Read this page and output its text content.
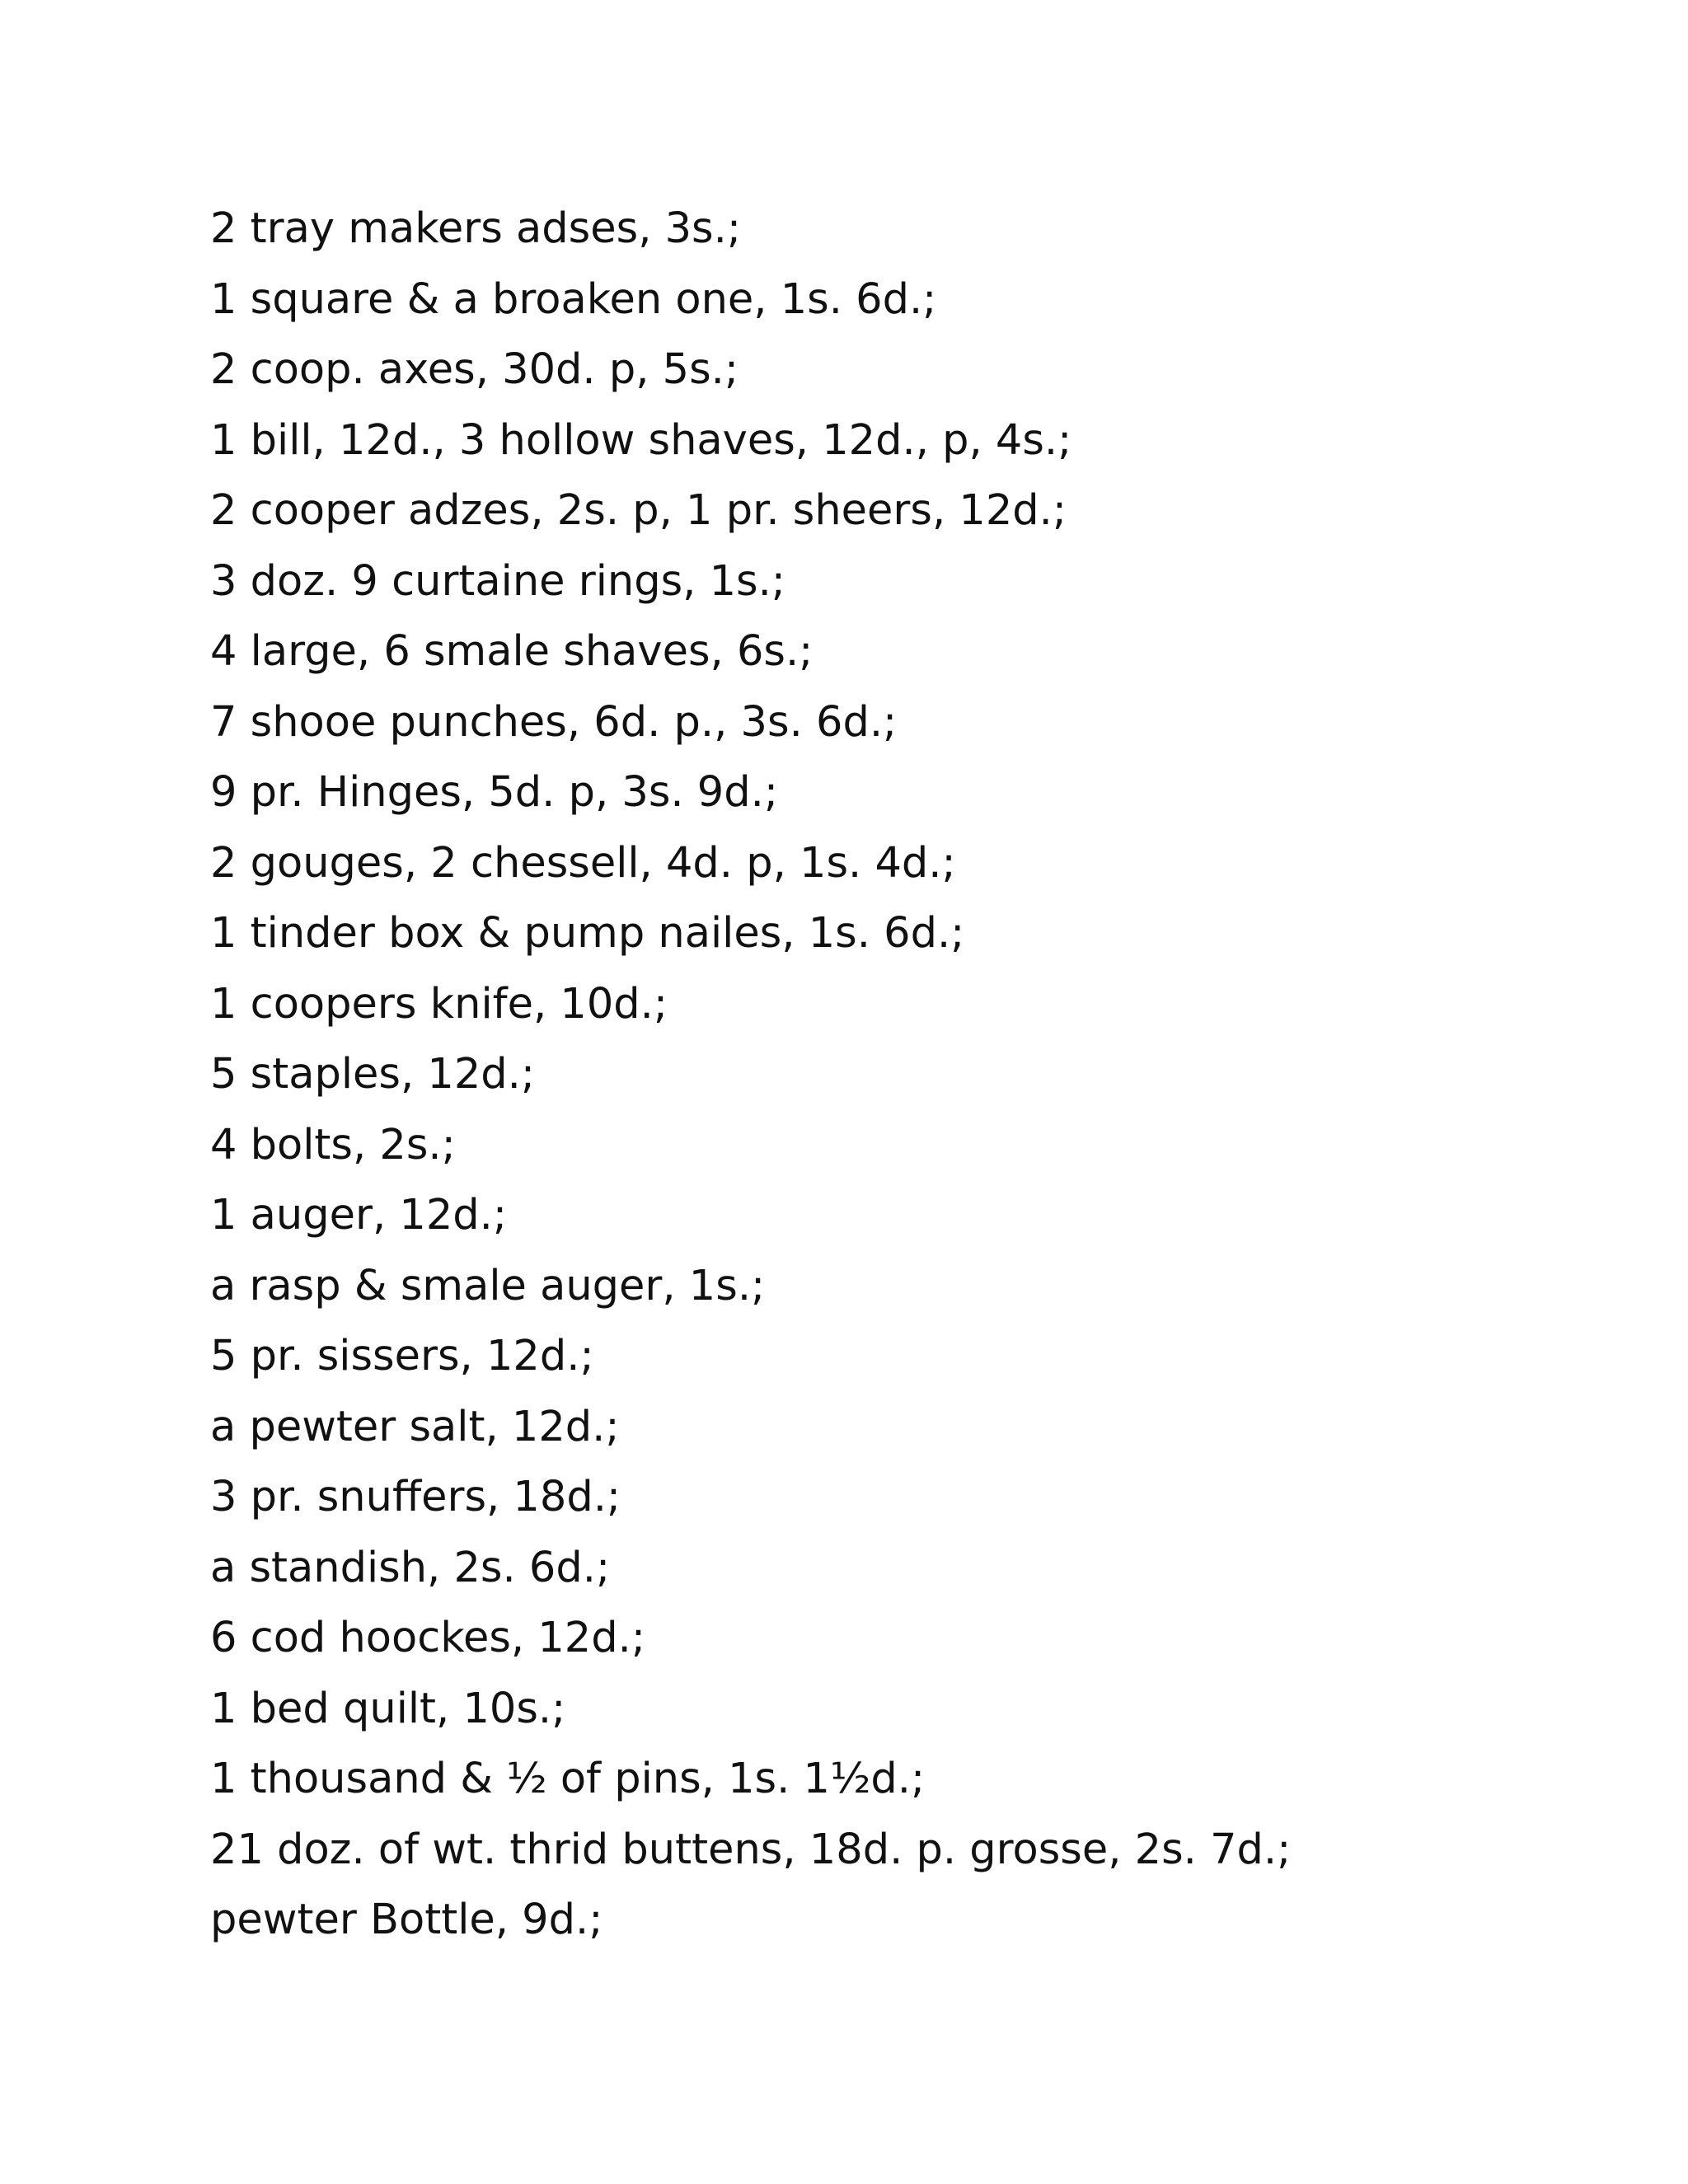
2 tray makers adses, 3s.;
1 square & a broaken one, 1s. 6d.;
2 coop. axes, 30d. p, 5s.;
1 bill, 12d., 3 hollow shaves, 12d., p, 4s.;
2 cooper adzes, 2s. p, 1 pr. sheers, 12d.;
3 doz. 9 curtaine rings, 1s.;
4 large, 6 smale shaves, 6s.;
7 shooe punches, 6d. p., 3s. 6d.;
9 pr. Hinges, 5d. p, 3s. 9d.;
2 gouges, 2 chessell, 4d. p, 1s. 4d.;
1 tinder box & pump nailes, 1s. 6d.;
1 coopers knife, 10d.;
5 staples, 12d.;
4 bolts, 2s.;
1 auger, 12d.;
a rasp & smale auger, 1s.;
5 pr. sissers, 12d.;
a pewter salt, 12d.;
3 pr. snuffers, 18d.;
a standish, 2s. 6d.;
6 cod hoockes, 12d.;
1 bed quilt, 10s.;
1 thousand & ½ of pins, 1s. 1½d.;
21 doz. of wt. thrid buttens, 18d. p. grosse, 2s. 7d.;
pewter Bottle, 9d.;
